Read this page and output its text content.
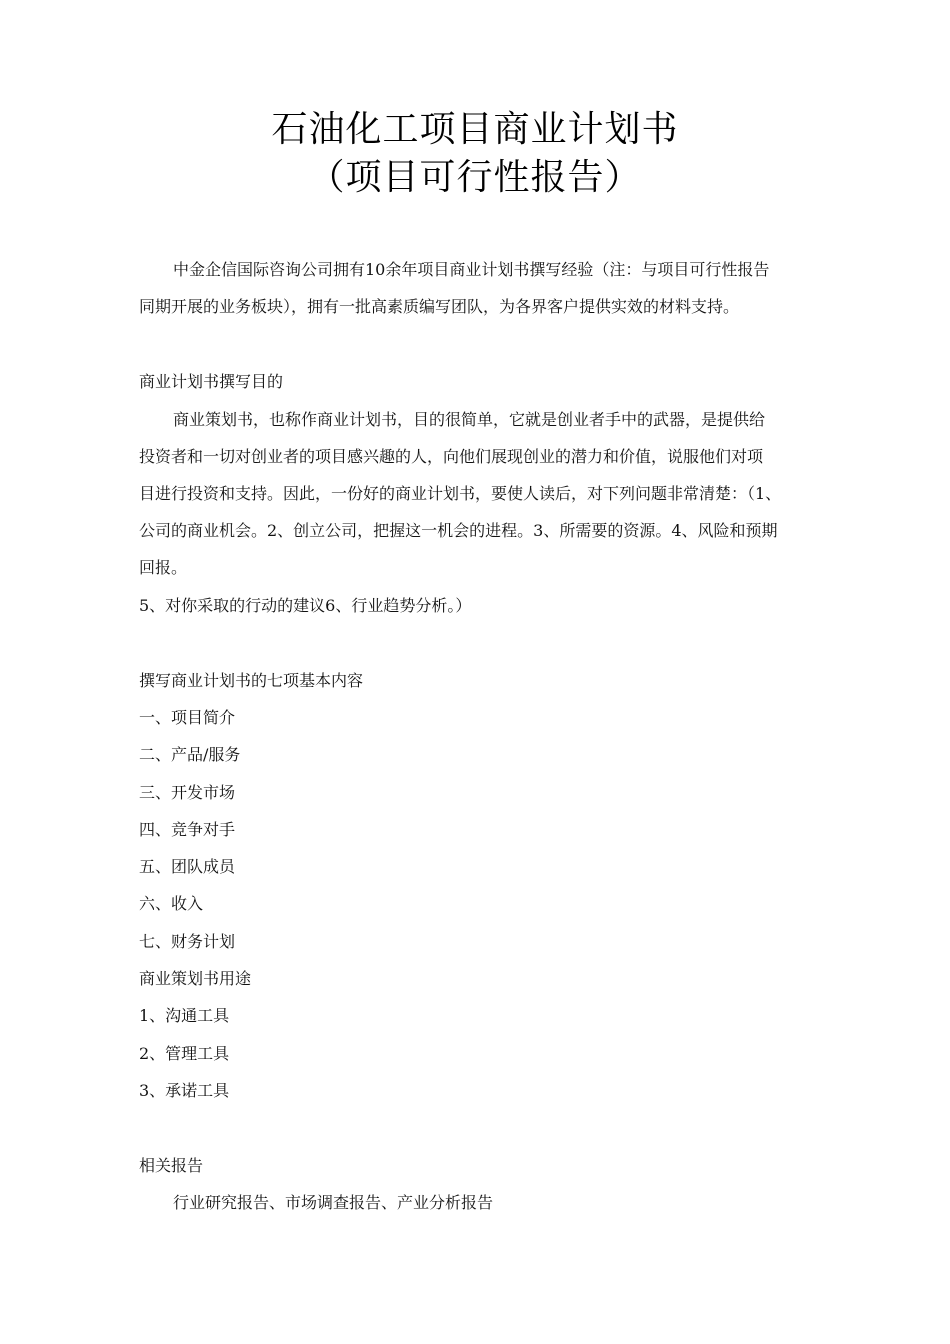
石油化工项目商业计划书
（项目可行性报告）

中金企信国际咨询公司拥有10余年项目商业计划书撰写经验（注：与项目可行性报告

同期开展的业务板块），拥有一批高素质编写团队，为各界客户提供实效的材料支持。

商业计划书撰写目的

商业策划书，也称作商业计划书，目的很简单，它就是创业者手中的武器，是提供给

投资者和一切对创业者的项目感兴趣的人，向他们展现创业的潜力和价值，说服他们对项

目进行投资和支持。因此，一份好的商业计划书，要使人读后，对下列问题非常清楚：（1、

公司的商业机会。2、创立公司，把握这一机会的进程。3、所需要的资源。4、风险和预期

回报。

5、对你采取的行动的建议6、行业趋势分析。）

撰写商业计划书的七项基本内容

一、项目简介

二、产品/服务

三、开发市场

四、竞争对手

五、团队成员

六、收入

七、财务计划

商业策划书用途

1、沟通工具

2、管理工具

3、承诺工具

相关报告

行业研究报告、市场调查报告、产业分析报告
